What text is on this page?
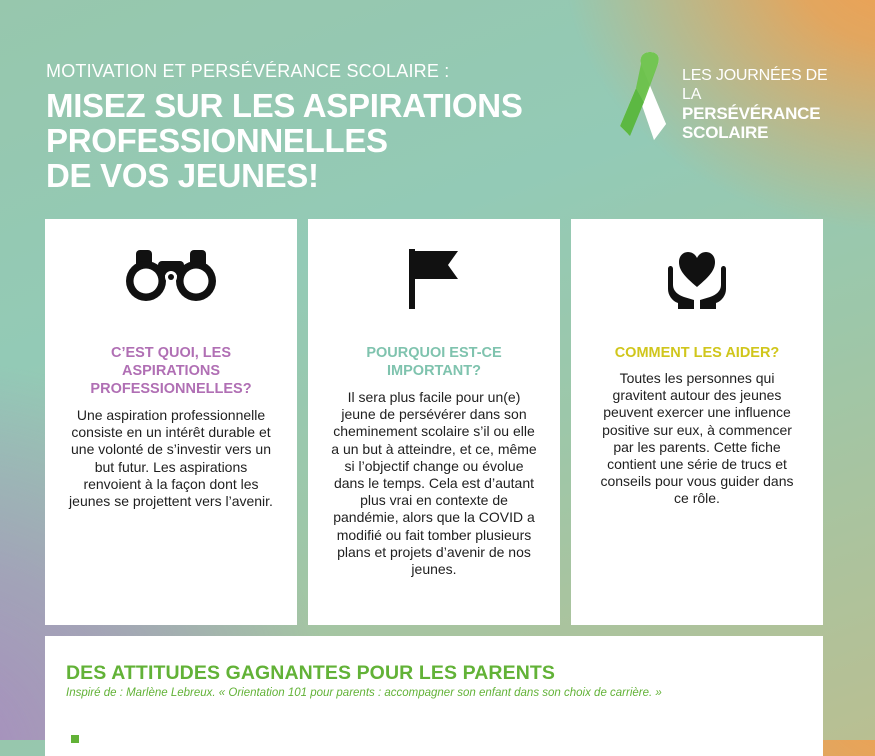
MOTIVATION ET PERSÉVÉRANCE SCOLAIRE :
MISEZ SUR LES ASPIRATIONS
PROFESSIONNELLES
DE VOS JEUNES!
LES JOURNÉES DE LA
PERSÉVÉRANCE
SCOLAIRE
C’EST QUOI, LES ASPIRATIONS PROFESSIONNELLES?

Une aspiration professionnelle consiste en un intérêt durable et une volonté de s’investir vers un but futur. Les aspirations renvoient à la façon dont les jeunes se projettent vers l’avenir.

POURQUOI EST-CE IMPORTANT?

Il sera plus facile pour un(e) jeune de persévérer dans son cheminement scolaire s’il ou elle a un but à atteindre, et ce, même si l’objectif change ou évolue dans le temps. Cela est d’autant plus vrai en contexte de pandémie, alors que la COVID a modifié ou fait tomber plusieurs plans et projets d’avenir de nos jeunes.

COMMENT LES AIDER?

Toutes les personnes qui gravitent autour des jeunes peuvent exercer une influence positive sur eux, à commencer par les parents. Cette fiche contient une série de trucs et conseils pour vous guider dans ce rôle.

DES ATTITUDES GAGNANTES POUR LES PARENTS

Inspiré de : Marlène Lebreux. « Orientation 101 pour parents : accompagner son enfant dans son choix de carrière. »
